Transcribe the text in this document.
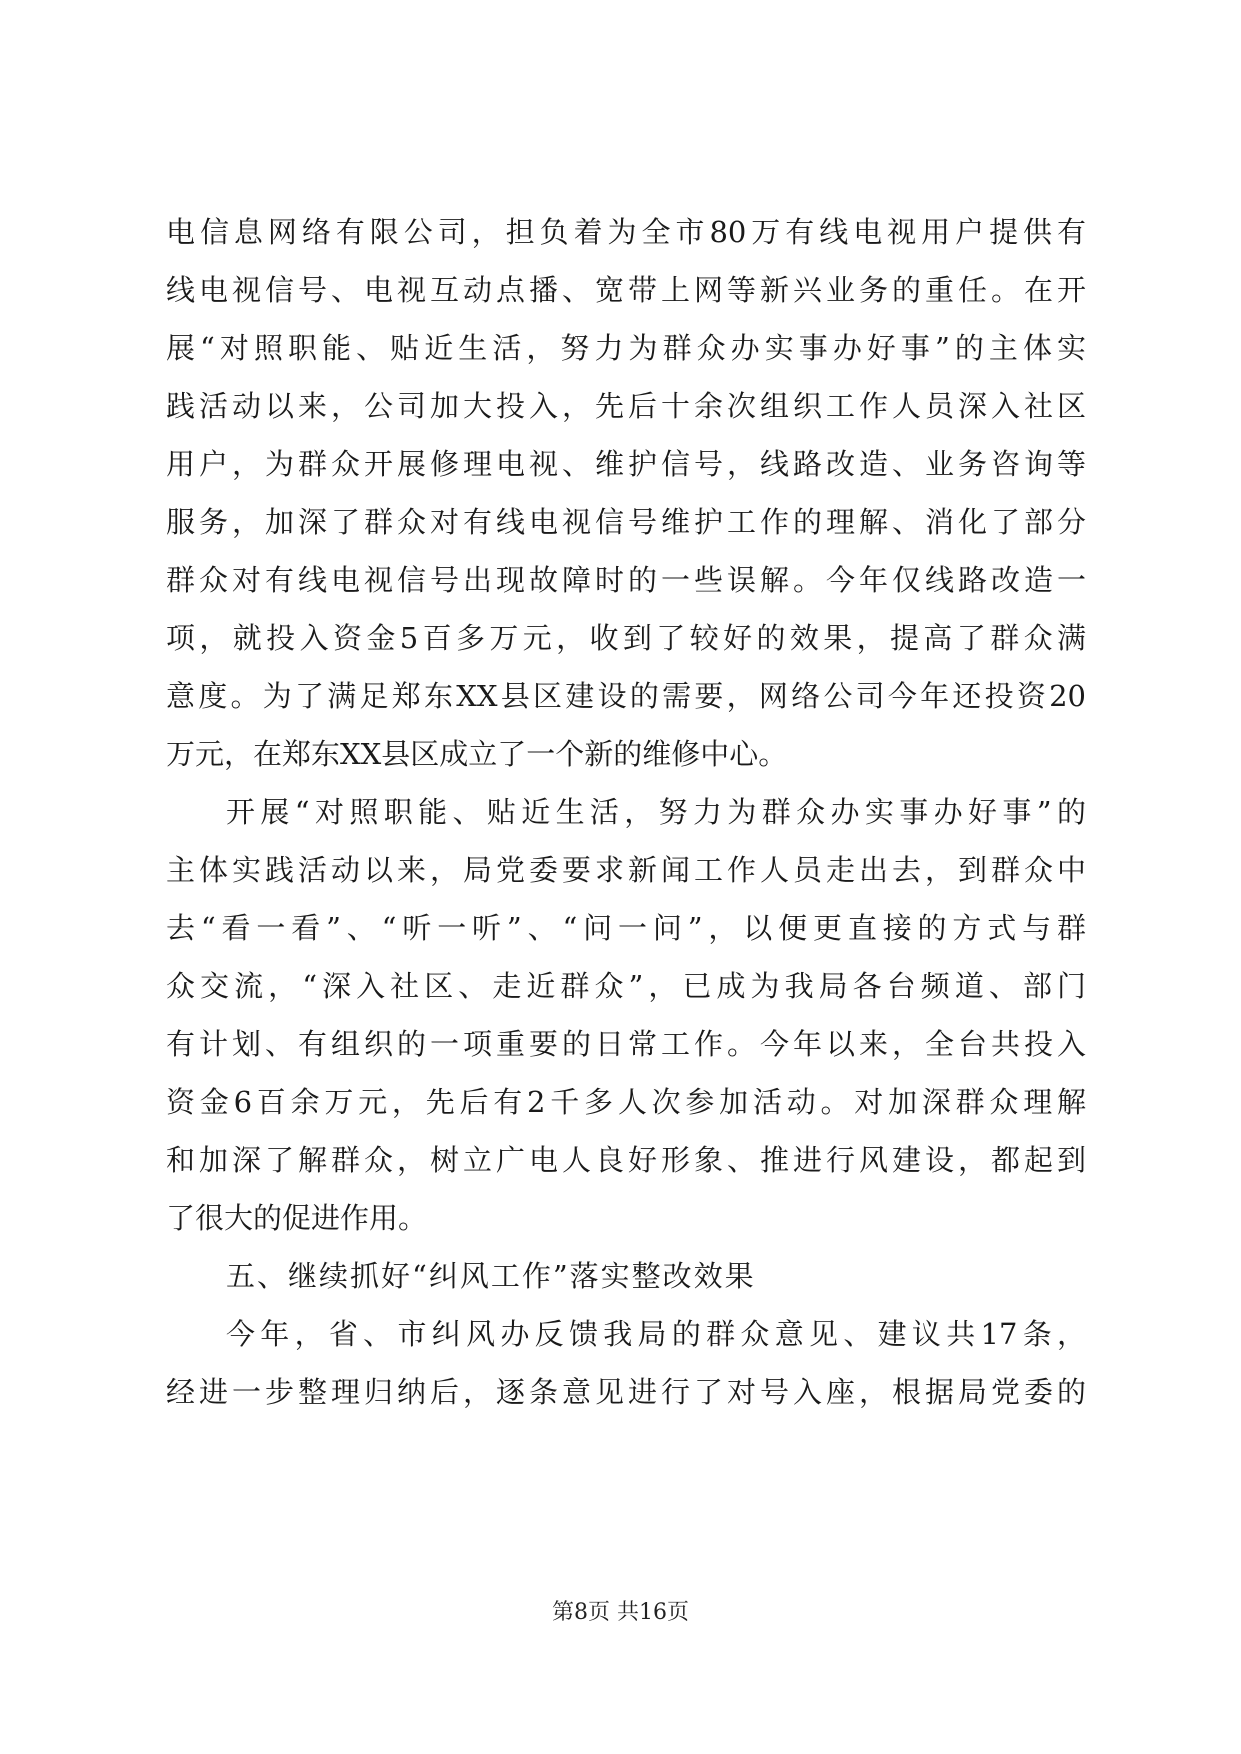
电信息网络有限公司，担负着为全市80万有线电视用户提供有
线电视信号、电视互动点播、宽带上网等新兴业务的重任。在开
展“对照职能、贴近生活，努力为群众办实事办好事”的主体实
践活动以来，公司加大投入，先后十余次组织工作人员深入社区
用户，为群众开展修理电视、维护信号，线路改造、业务咨询等
服务，加深了群众对有线电视信号维护工作的理解、消化了部分
群众对有线电视信号出现故障时的一些误解。今年仅线路改造一
项，就投入资金5百多万元，收到了较好的效果，提高了群众满
意度。为了满足郑东XX县区建设的需要，网络公司今年还投资20
万元，在郑东XX县区成立了一个新的维修中心。
开展“对照职能、贴近生活，努力为群众办实事办好事”的
主体实践活动以来，局党委要求新闻工作人员走出去，到群众中
去“看一看”、“听一听”、“问一问”，以便更直接的方式与群
众交流，“深入社区、走近群众”，已成为我局各台频道、部门
有计划、有组织的一项重要的日常工作。今年以来，全台共投入
资金6百余万元，先后有2千多人次参加活动。对加深群众理解
和加深了解群众，树立广电人良好形象、推进行风建设，都起到
了很大的促进作用。
五、继续抓好“纠风工作”落实整改效果
今年，省、市纠风办反馈我局的群众意见、建议共17条，
经进一步整理归纳后，逐条意见进行了对号入座，根据局党委的
第8页 共16页
